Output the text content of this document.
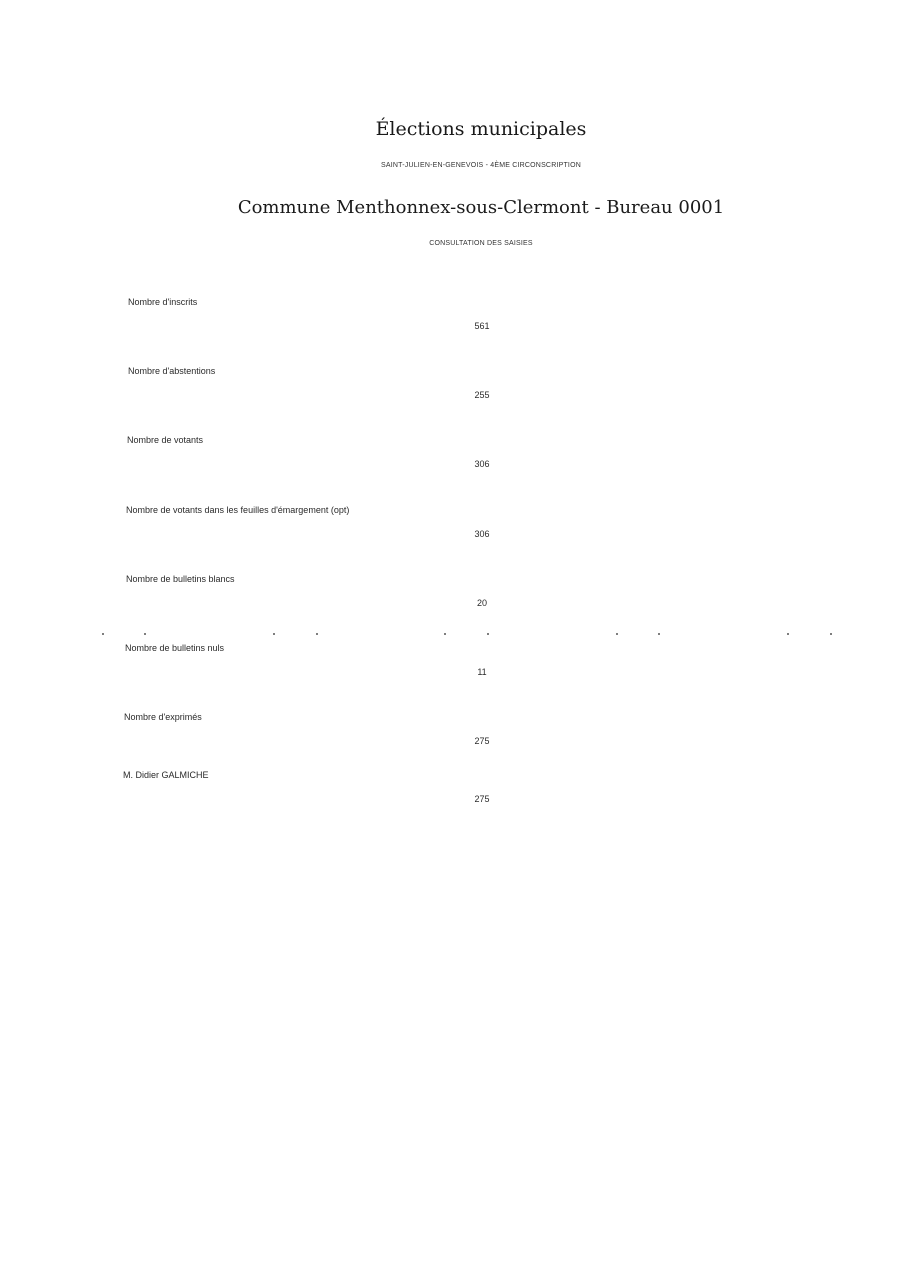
Élections municipales
SAINT-JULIEN-EN-GENEVOIS - 4ÈME CIRCONSCRIPTION
Commune Menthonnex-sous-Clermont - Bureau 0001
CONSULTATION DES SAISIES
Nombre d'inscrits
561
Nombre d'abstentions
255
Nombre de votants
306
Nombre de votants dans les feuilles d'émargement (opt)
306
Nombre de bulletins blancs
20
Nombre de bulletins nuls
11
Nombre d'exprimés
275
M. Didier GALMICHE
275
